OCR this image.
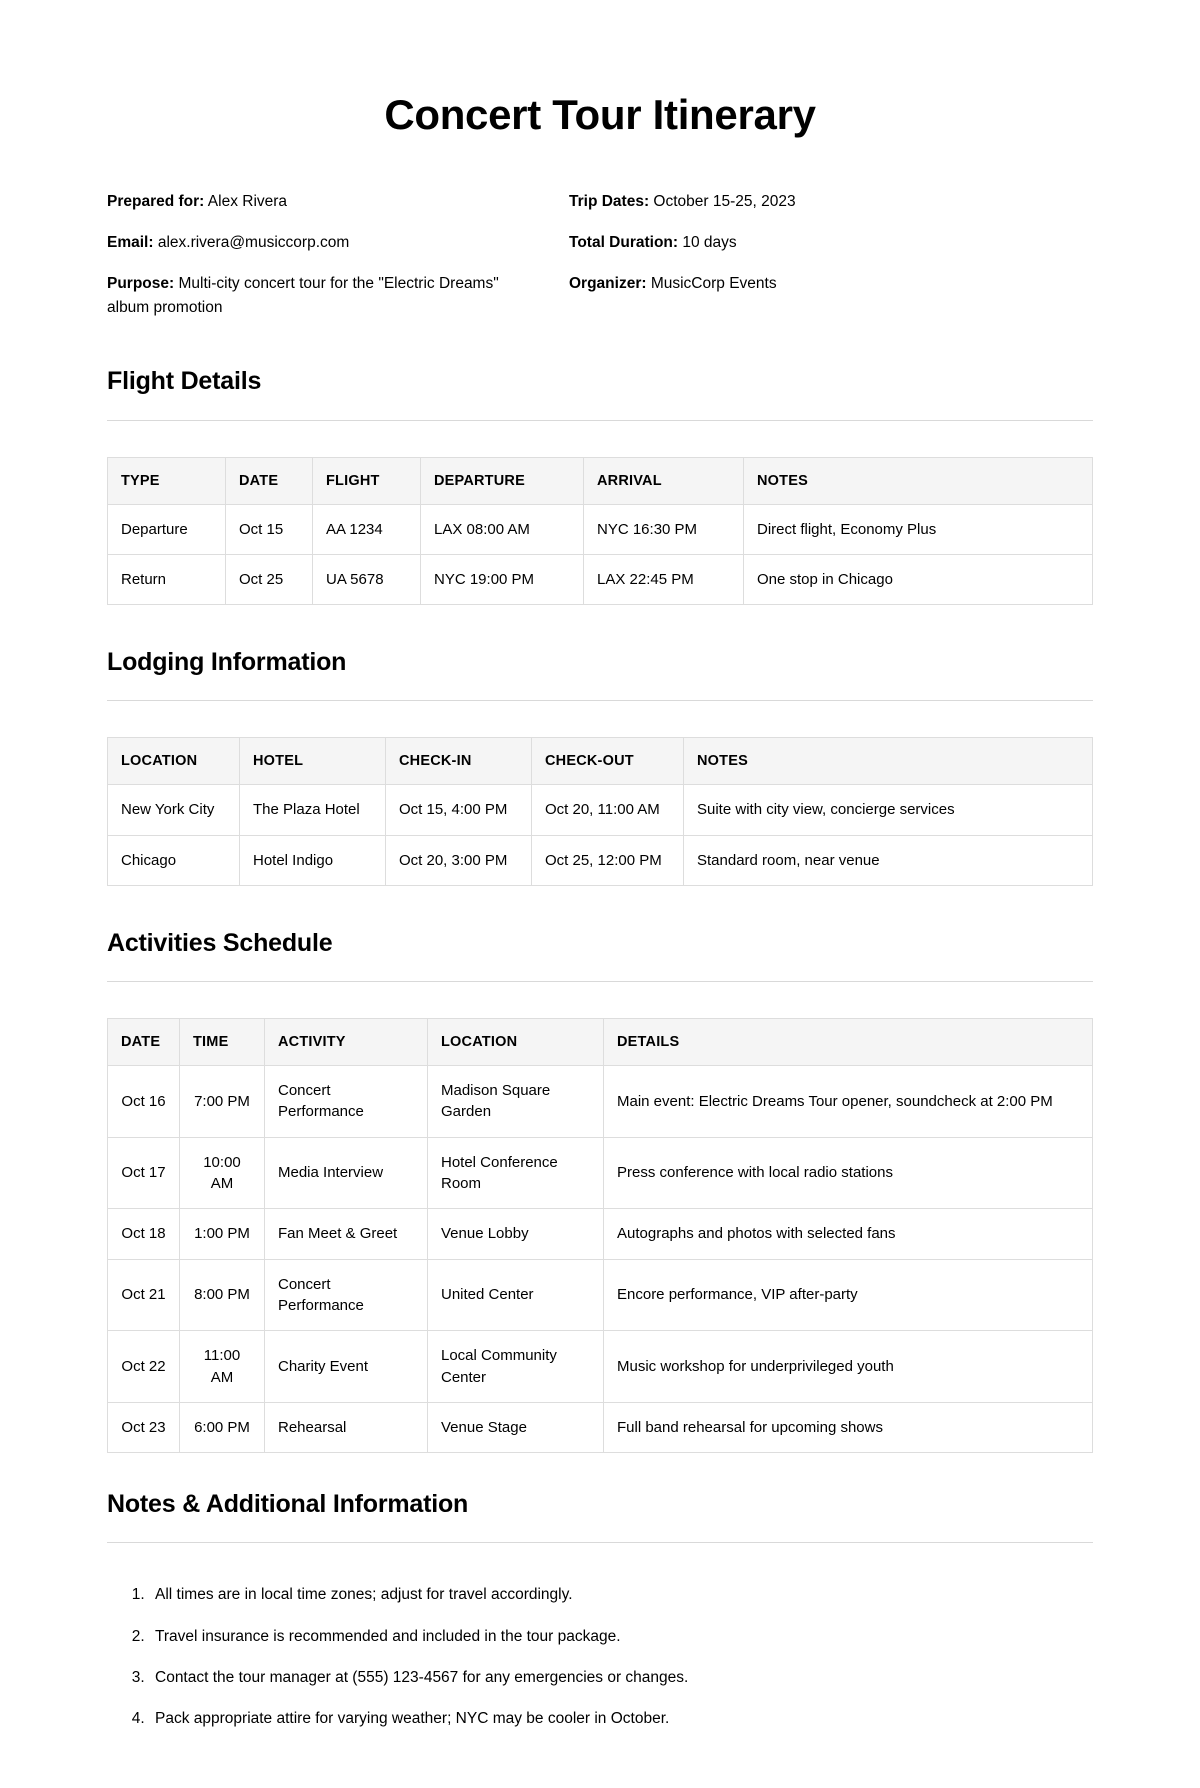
Concert Tour Itinerary
Prepared for: Alex Rivera
Email: alex.rivera@musiccorp.com
Purpose: Multi-city concert tour for the "Electric Dreams" album promotion
Trip Dates: October 15-25, 2023
Total Duration: 10 days
Organizer: MusicCorp Events
Flight Details
TYPE	DATE	FLIGHT	DEPARTURE	ARRIVAL	NOTES
Departure	Oct 15	AA 1234	LAX 08:00 AM	NYC 16:30 PM	Direct flight, Economy Plus
Return	Oct 25	UA 5678	NYC 19:00 PM	LAX 22:45 PM	One stop in Chicago
Lodging Information
LOCATION	HOTEL	CHECK-IN	CHECK-OUT	NOTES
New York City	The Plaza Hotel	Oct 15, 4:00 PM	Oct 20, 11:00 AM	Suite with city view, concierge services
Chicago	Hotel Indigo	Oct 20, 3:00 PM	Oct 25, 12:00 PM	Standard room, near venue
Activities Schedule
DATE	TIME	ACTIVITY	LOCATION	DETAILS
Oct 16	7:00 PM	Concert Performance	Madison Square Garden	Main event: Electric Dreams Tour opener, soundcheck at 2:00 PM
Oct 17	10:00 AM	Media Interview	Hotel Conference Room	Press conference with local radio stations
Oct 18	1:00 PM	Fan Meet & Greet	Venue Lobby	Autographs and photos with selected fans
Oct 21	8:00 PM	Concert Performance	United Center	Encore performance, VIP after-party
Oct 22	11:00 AM	Charity Event	Local Community Center	Music workshop for underprivileged youth
Oct 23	6:00 PM	Rehearsal	Venue Stage	Full band rehearsal for upcoming shows
Notes & Additional Information
1. All times are in local time zones; adjust for travel accordingly.
2. Travel insurance is recommended and included in the tour package.
3. Contact the tour manager at (555) 123-4567 for any emergencies or changes.
4. Pack appropriate attire for varying weather; NYC may be cooler in October.
